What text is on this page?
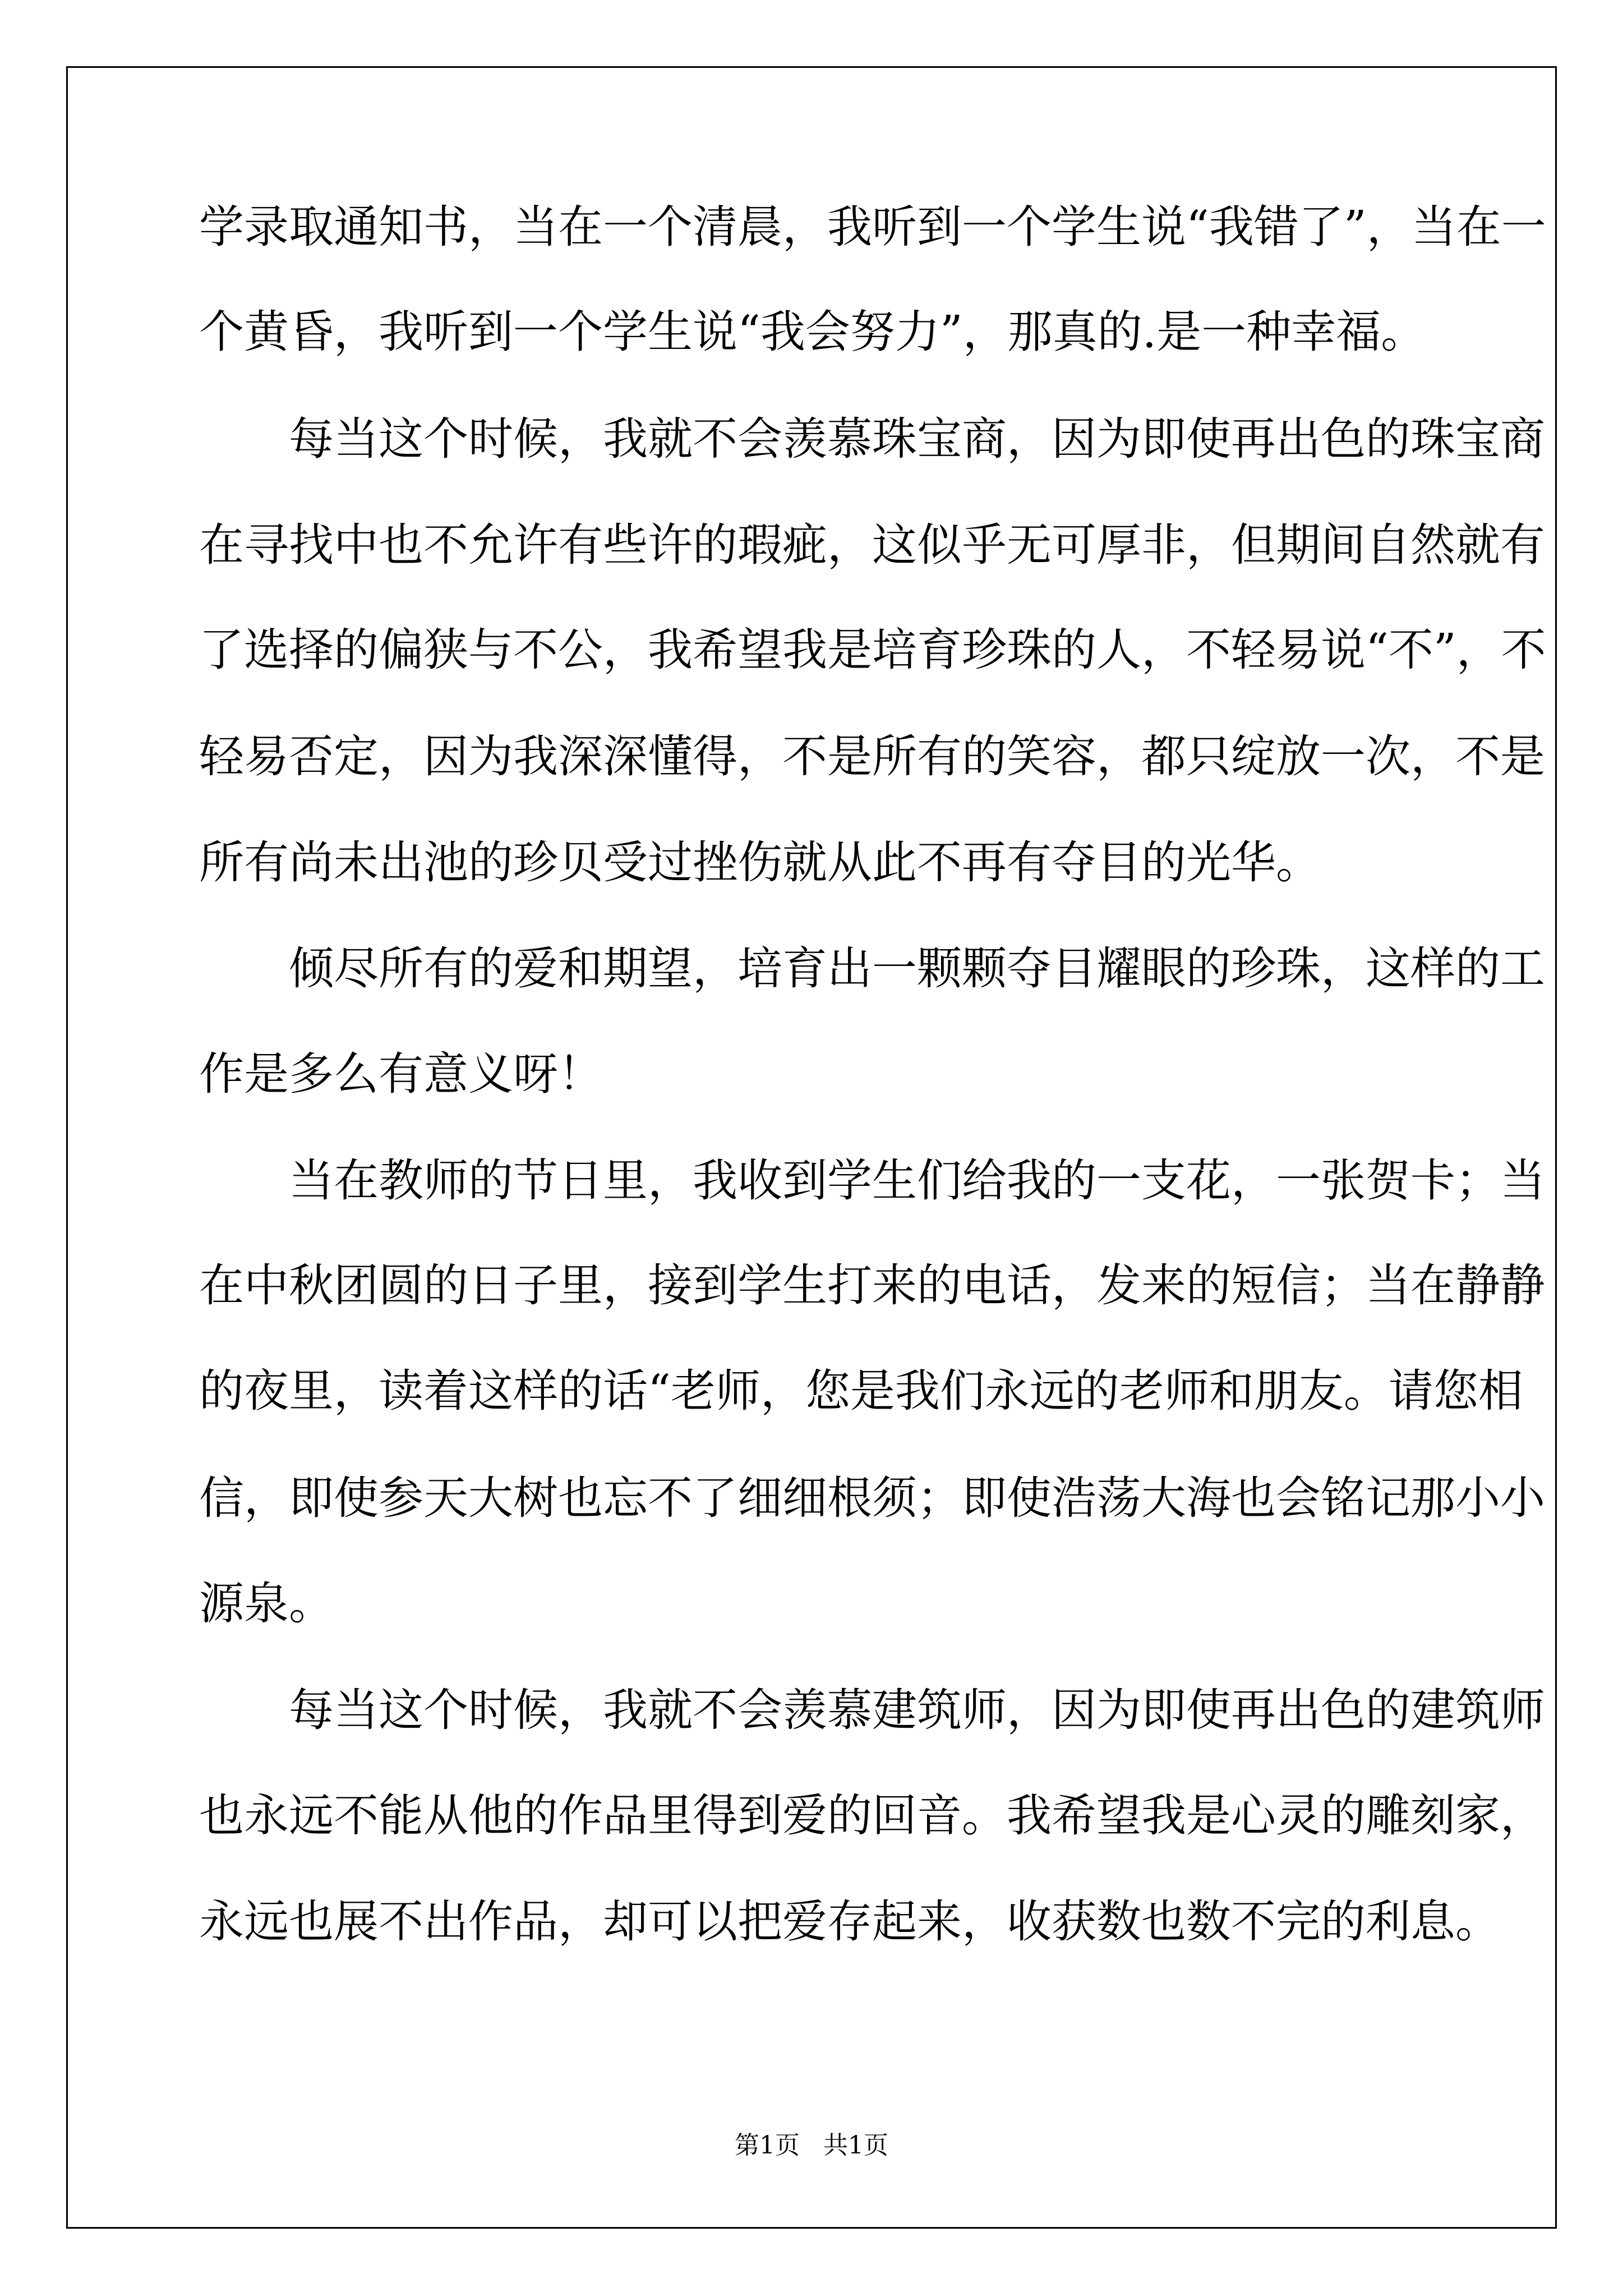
学录取通知书，当在一个清晨，我听到一个学生说“我错了”，当在一
个黄昏，我听到一个学生说“我会努力”，那真的.是一种幸福。
每当这个时候，我就不会羡慕珠宝商，因为即使再出色的珠宝商
在寻找中也不允许有些许的瑕疵，这似乎无可厚非，但期间自然就有
了选择的偏狭与不公，我希望我是培育珍珠的人，不轻易说“不”，不
轻易否定，因为我深深懂得，不是所有的笑容，都只绽放一次，不是
所有尚未出池的珍贝受过挫伤就从此不再有夺目的光华。
倾尽所有的爱和期望，培育出一颗颗夺目耀眼的珍珠，这样的工
作是多么有意义呀！
当在教师的节日里，我收到学生们给我的一支花，一张贺卡；当
在中秋团圆的日子里，接到学生打来的电话，发来的短信；当在静静
的夜里，读着这样的话“老师，您是我们永远的老师和朋友。请您相
信，即使参天大树也忘不了细细根须；即使浩荡大海也会铭记那小小
源泉。
每当这个时候，我就不会羡慕建筑师，因为即使再出色的建筑师
也永远不能从他的作品里得到爱的回音。我希望我是心灵的雕刻家，
永远也展不出作品，却可以把爱存起来，收获数也数不完的利息。
第1页 共1页
